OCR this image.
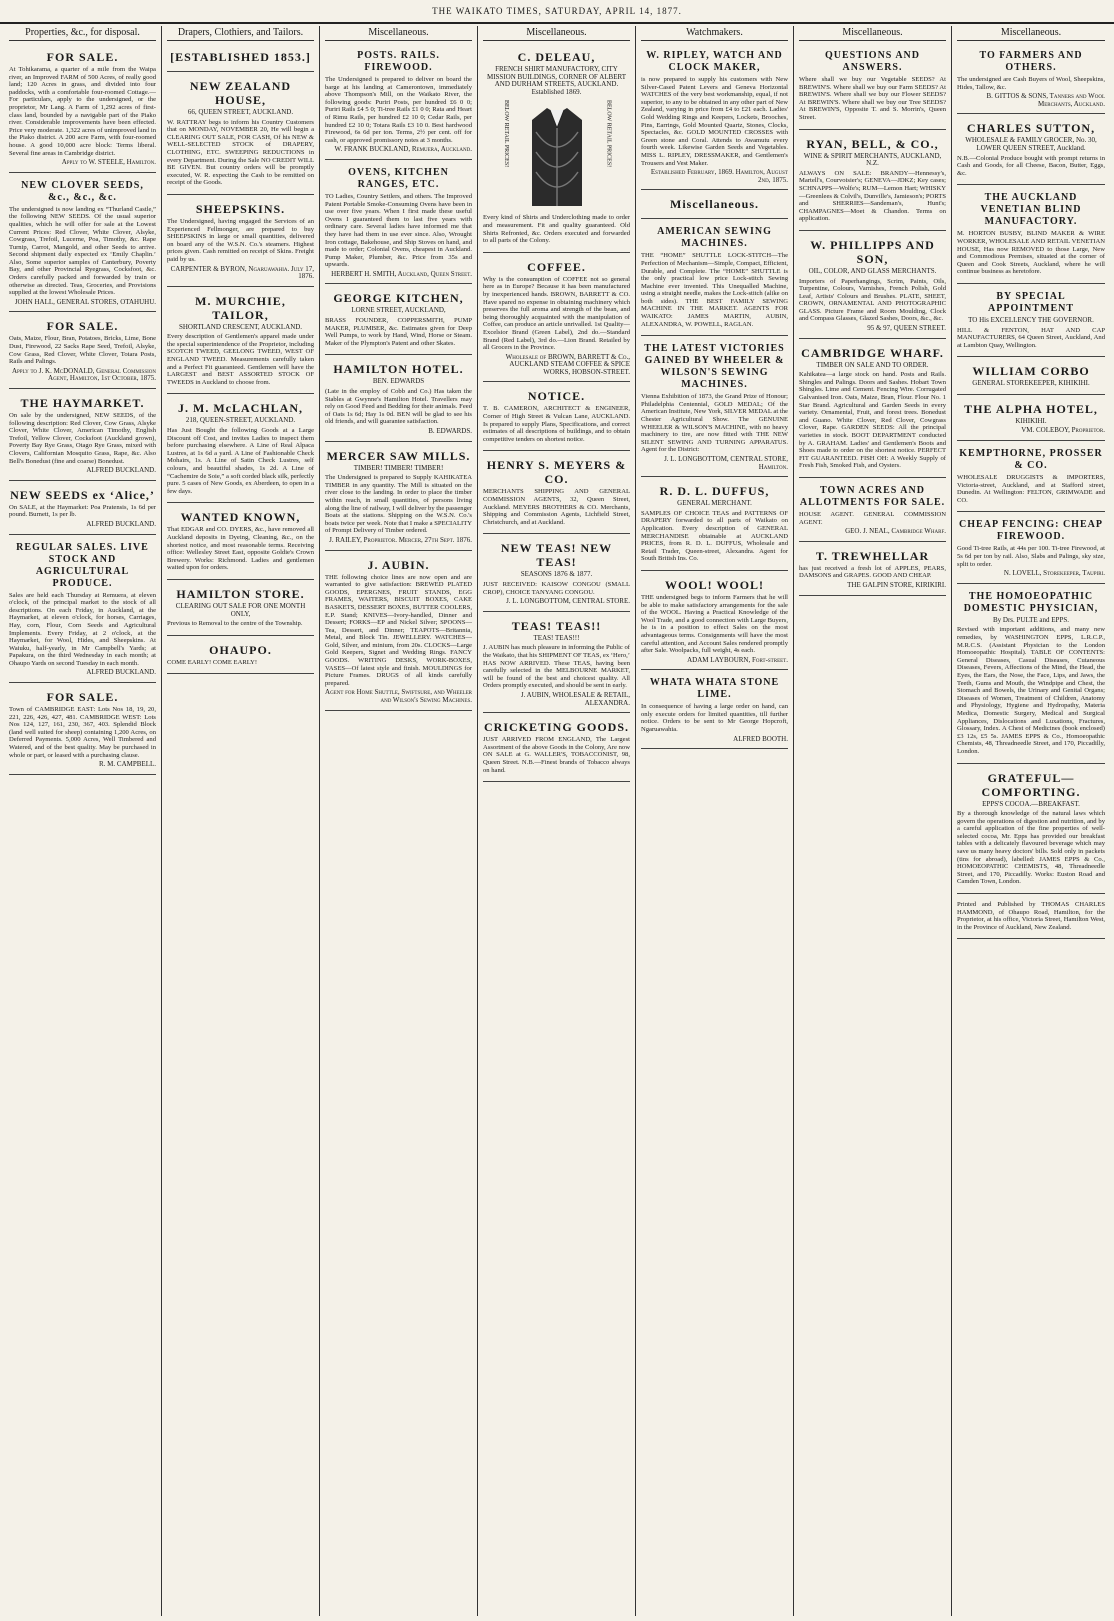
THE WAIKATO TIMES, SATURDAY, APRIL 14, 1877.
Properties, &c., for disposal.
FOR SALE.
At Tohikarama, a quarter of a mile from the Waipa river, an Improved FARM of 500 Acres, of really good land; 120 Acres in grass, and divided into four paddocks, with a comfortable four-roomed Cottage.—For particulars, apply to the undersigned, or the proprietor, Mr Lang. A Farm of 1,292 acres of first-class land, bounded by a navigable part of the Piako river. Considerable improvements have been effected. Price very moderate. 1,322 acres of unimproved land in the Piako district. A 200 acre Farm, with four-roomed house. A good 10,000 acre block: Terms liberal. Several fine areas in Cambridge district.
Apply to W. STEELE, Hamilton.
NEW CLOVER SEEDS, &c., &c., &c.
The undersigned is now landing ex “Thurland Castle,” the following NEW SEEDS. Of the usual superior qualities, which he will offer for sale at the Lowest Current Prices: Red Clover, White Clover, Alsyke, Cowgrass, Trefoil, Lucerne, Poa, Timothy, &c. Rape Turnip, Carrot, Mangold, and other Seeds to arrive. Second shipment daily expected ex ‘Emily Chaplin.’ Also, Some superior samples of Canterbury, Poverty Bay, and other Provincial Ryegrass, Cocksfoot, &c. Orders carefully packed and forwarded by train or otherwise as directed. Teas, Groceries, and Provisions supplied at the lowest Wholesale Prices.
JOHN HALL, GENERAL STORES, OTAHUHU.
FOR SALE.
Oats, Maize, Flour, Bran, Potatoes, Bricks, Lime, Bone Dust, Firewood, 22 Sacks Rape Seed, Trefoil, Alsyke, Cow Grass, Red Clover, White Clover, Totara Posts, Rails and Palings.
Apply to J. K. McDONALD, General Commission Agent, Hamilton, 1st October, 1875.
THE HAYMARKET.
On sale by the undersigned, NEW SEEDS, of the following description: Red Clover, Cow Grass, Alsyke Clover, White Clover, American Timothy, English Trefoil, Yellow Clover, Cocksfoot (Auckland grown), Poverty Bay Rye Grass, Otago Rye Grass, mixed with Clovers, Californian Mosquito Grass, Rape, &c. Also Bell's Bonedust (fine and coarse) Bonedust.
ALFRED BUCKLAND.
NEW SEEDS ex ‘Alice,’
On SALE, at the Haymarket: Poa Pratensis, 1s 6d per pound. Burnett, 1s per lb.
ALFRED BUCKLAND.
REGULAR SALES. LIVE STOCK AND AGRICULTURAL PRODUCE.
Sales are held each Thursday at Remuera, at eleven o'clock, of the principal market to the stock of all descriptions. On each Friday, in Auckland, at the Haymarket, at eleven o'clock, for horses, Carriages, Hay, corn, Flour, Corn Seeds and Agricultural Implements. Every Friday, at 2 o'clock, at the Haymarket, for Wool, Hides, and Sheepskins. At Waiuku, half-yearly, in Mr Campbell's Yards; at Papakura, on the third Wednesday in each month; at Ohaupo Yards on second Tuesday in each month.
ALFRED BUCKLAND.
FOR SALE.
Town of CAMBRIDGE EAST: Lots Nos 18, 19, 20, 221, 226, 426, 427, 481. CAMBRIDGE WEST: Lots Nos 124, 127, 161, 230, 367, 403. Splendid Block (land well suited for sheep) containing 1,200 Acres, on Deferred Payments. 5,000 Acres, Well Timbered and Watered, and of the best quality. May be purchased in whole or part, or leased with a purchasing clause.
R. M. CAMPBELL.
Drapers, Clothiers, and Tailors.
[ESTABLISHED 1853.]
NEW ZEALAND HOUSE,
66, QUEEN STREET, AUCKLAND.
W. RATTRAY begs to inform his Country Customers that on MONDAY, NOVEMBER 20, He will begin a CLEARING OUT SALE, FOR CASH, Of his NEW & WELL-SELECTED STOCK of DRAPERY, CLOTHING, ETC. SWEEPING REDUCTIONS in every Department. During the Sale NO CREDIT WILL BE GIVEN. But country orders will be promptly executed, W. R. expecting the Cash to be remitted on receipt of the Goods.
SHEEPSKINS.
The Undersigned, having engaged the Services of an Experienced Fellmonger, are prepared to buy SHEEPSKINS in large or small quantities, delivered on board any of the W.S.N. Co.'s steamers. Highest prices given. Cash remitted on receipt of Skins. Freight paid by us.
CARPENTER & BYRON, Ngaruawahia. July 17, 1876.
M. MURCHIE, TAILOR,
SHORTLAND CRESCENT, AUCKLAND.
Every description of Gentlemen's apparel made under the special superintendence of the Proprietor, including SCOTCH TWEED, GEELONG TWEED, WEST OF ENGLAND TWEED. Measurements carefully taken and a Perfect Fit guaranteed. Gentlemen will have the LARGEST and BEST ASSORTED STOCK OF TWEEDS in Auckland to choose from.
J. M. McLACHLAN,
218, QUEEN-STREET, AUCKLAND.
Has Just Bought the following Goods at a Large Discount off Cost, and invites Ladies to inspect them before purchasing elsewhere. A Line of Real Alpaca Lustres, at 1s 6d a yard. A Line of Fashionable Check Mohairs, 1s. A Line of Satin Check Lustres, self colours, and beautiful shades, 1s 2d. A Line of “Cachemire de Soie,” a soft corded black silk, perfectly pure. 5 cases of New Goods, ex Aberdeen, to open in a few days.
WANTED KNOWN,
That EDGAR and CO. DYERS, &c., have removed all Auckland deposits in Dyeing, Cleaning, &c., on the shortest notice, and most reasonable terms. Receiving office: Wellesley Street East, opposite Goldie's Crown Brewery. Works: Richmond. Ladies and gentlemen waited upon for orders.
HAMILTON STORE.
CLEARING OUT SALE FOR ONE MONTH ONLY,
Previous to Removal to the centre of the Township.
OHAUPO.
COME EARLY! COME EARLY!
Miscellaneous.
POSTS. RAILS. FIREWOOD.
The Undersigned is prepared to deliver on board the barge at his landing at Camerontown, immediately above Thompson's Mill, on the Waikato River, the following goods: Puriri Posts, per hundred £6 0 0; Puriri Rails £4 5 0; Ti-tree Rails £1 0 0; Rata and Heart of Rimu Rails, per hundred £2 10 0; Cedar Rails, per hundred £2 10 0; Totara Rails £3 10 0. Best hardwood Firewood, 6s 6d per ton. Terms, 2½ per cent. off for cash, or approved promissory notes at 3 months.
W. FRANK BUCKLAND, Remuera, Auckland.
OVENS, KITCHEN RANGES, ETC.
TO Ladies, Country Settlers, and others. The Improved Patent Portable Smoke-Consuming Ovens have been in use over five years. When I first made these useful Ovens I guaranteed them to last five years with ordinary care. Several ladies have informed me that they have had them in use ever since. Also, Wrought Iron cottage, Bakehouse, and Ship Stoves on hand, and made to order; Colonial Ovens, cheapest in Auckland. Pump Maker, Plumber, &c. Price from 35s and upwards.
HERBERT H. SMITH, Auckland, Queen Street.
GEORGE KITCHEN,
LORNE STREET, AUCKLAND,
BRASS FOUNDER, COPPERSMITH, PUMP MAKER, PLUMBER, &c. Estimates given for Deep Well Pumps, to work by Hand, Wind, Horse or Steam. Maker of the Plympton's Patent and other Skates.
HAMILTON HOTEL.
BEN. EDWARDS
(Late in the employ of Cobb and Co.) Has taken the Stables at Gwynne's Hamilton Hotel. Travellers may rely on Good Feed and Bedding for their animals. Feed of Oats 1s 6d; Hay 1s 0d. BEN will be glad to see his old friends, and will guarantee satisfaction.
B. EDWARDS.
MERCER SAW MILLS.
TIMBER! TIMBER! TIMBER!
The Undersigned is prepared to Supply KAHIKATEA TIMBER in any quantity. The Mill is situated on the river close to the landing. In order to place the timber within reach, in small quantities, of persons living along the line of railway, I will deliver by the passenger Boats at the stations. Shipping on the W.S.N. Co.'s boats twice per week. Note that I make a SPECIALITY of Prompt Delivery of Timber ordered.
J. RAILEY, Proprietor. Mercer, 27th Sept. 1876.
J. AUBIN.
THE following choice lines are now open and are warranted to give satisfaction: BREWED PLATED GOODS, EPERGNES, FRUIT STANDS, EGG FRAMES, WAITERS, BISCUIT BOXES, CAKE BASKETS, DESSERT BOXES, BUTTER COOLERS, E.P. Stand; KNIVES—Ivory-handled, Dinner and Dessert; FORKS—EP and Nickel Silver; SPOONS—Tea, Dessert, and Dinner; TEAPOTS—Britannia, Metal, and Block Tin. JEWELLERY. WATCHES—Gold, Silver, and minium, from 20s. CLOCKS—Large Gold Keepers, Signet and Wedding Rings. FANCY GOODS. WRITING DESKS, WORK-BOXES, VASES—Of latest style and finish. MOULDINGS for Picture Frames. DRUGS of all kinds carefully prepared.
Agent for Home Shuttle, Swiftsure, and Wheeler and Wilson's Sewing Machines.
Miscellaneous.
C. DELEAU,
FRENCH SHIRT MANUFACTORY, CITY MISSION BUILDINGS, CORNER OF ALBERT AND DURHAM STREETS, AUCKLAND. Established 1869.
BELOW RETAIL PRICES!	BELOW RETAIL PRICES!
Every kind of Shirts and Underclothing made to order and measurement. Fit and quality guaranteed. Old Shirts Refronted, &c. Orders executed and forwarded to all parts of the Colony.
COFFEE.
Why is the consumption of COFFEE not so general here as in Europe? Because it has been manufactured by inexperienced hands. BROWN, BARRETT & CO. Have spared no expense in obtaining machinery which preserves the full aroma and strength of the bean, and being thoroughly acquainted with the manipulation of Coffee, can produce an article unrivalled. 1st Quality—Excelsior Brand (Green Label), 2nd do.—Standard Brand (Red Label), 3rd do.—Lion Brand. Retailed by all Grocers in the Province.
Wholesale of BROWN, BARRETT & Co., AUCKLAND STEAM COFFEE & SPICE WORKS, HOBSON-STREET.
NOTICE.
T. B. CAMERON, ARCHITECT & ENGINEER, Corner of High Street & Vulcan Lane, AUCKLAND. Is prepared to supply Plans, Specifications, and correct estimates of all descriptions of buildings, and to obtain competitive tenders on shortest notice.
HENRY S. MEYERS & CO.
MERCHANTS SHIPPING AND GENERAL COMMISSION AGENTS, 32, Queen Street, Auckland. MEYERS BROTHERS & CO. Merchants, Shipping and Commission Agents, Lichfield Street, Christchurch, and at Auckland.
NEW TEAS! NEW TEAS!
SEASONS 1876 & 1877.
JUST RECEIVED: KAISOW CONGOU (SMALL CROP), CHOICE TANYANG CONGOU.
J. L. LONGBOTTOM, CENTRAL STORE.
TEAS! TEAS!!
TEAS! TEAS!!!
J. AUBIN has much pleasure in informing the Public of the Waikato, that his SHIPMENT OF TEAS, ex ‘Hero,’ HAS NOW ARRIVED. These TEAS, having been carefully selected in the MELBOURNE MARKET, will be found of the best and choicest quality. All Orders promptly executed, and should be sent in early.
J. AUBIN, WHOLESALE & RETAIL, ALEXANDRA.
CRICKETING GOODS.
JUST ARRIVED FROM ENGLAND, The Largest Assortment of the above Goods in the Colony, Are now ON SALE at G. WALLER'S, TOBACCONIST, 98, Queen Street. N.B.—Finest brands of Tobacco always on hand.
Watchmakers.
W. RIPLEY, WATCH AND CLOCK MAKER,
is now prepared to supply his customers with New Silver-Cased Patent Levers and Geneva Horizontal WATCHES of the very best workmanship, equal, if not superior, to any to be obtained in any other part of New Zealand, varying in price from £4 to £21 each. Ladies' Gold Wedding Rings and Keepers, Lockets, Brooches, Pins, Earrings, Gold Mounted Quartz, Stones, Clocks, Spectacles, &c. GOLD MOUNTED CROSSES with Green stone and Coral. Attends to Awamutu every fourth week. Likewise Garden Seeds and Vegetables. MISS L. RIPLEY, DRESSMAKER, and Gentlemen's Trousers and Vest Maker.
Established February, 1869. Hamilton, August 2nd, 1875.
Miscellaneous.
AMERICAN SEWING MACHINES.
THE “HOME” SHUTTLE LOCK-STITCH—The Perfection of Mechanism—Simple, Compact, Efficient, Durable, and Complete. The “HOME” SHUTTLE is the only practical low price Lock-stitch Sewing Machine ever invented. This Unequalled Machine, using a straight needle, makes the Lock-stitch (alike on both sides). THE BEST FAMILY SEWING MACHINE IN THE MARKET. AGENTS FOR WAIKATO: JAMES MARTIN, AUBIN, ALEXANDRA, W. POWELL, RAGLAN.
THE LATEST VICTORIES GAINED BY WHEELER & WILSON'S SEWING MACHINES.
Vienna Exhibition of 1873, the Grand Prize of Honour; Philadelphia Centennial, GOLD MEDAL; Of the American Institute, New York, SILVER MEDAL at the Chester Agricultural Show. The GENUINE WHEELER & WILSON'S MACHINE, with no heavy machinery to tire, are now fitted with THE NEW SILENT SEWING AND TURNING APPARATUS. Agent for the District:
J. L. LONGBOTTOM, CENTRAL STORE, Hamilton.
R. D. L. DUFFUS,
GENERAL MERCHANT.
SAMPLES OF CHOICE TEAS and PATTERNS OF DRAPERY forwarded to all parts of Waikato on Application. Every description of GENERAL MERCHANDISE obtainable at AUCKLAND PRICES, from R. D. L. DUFFUS, Wholesale and Retail Trader, Queen-street, Alexandra. Agent for South British Ins. Co.
WOOL! WOOL!
THE undersigned begs to inform Farmers that he will be able to make satisfactory arrangements for the sale of the WOOL. Having a Practical Knowledge of the Wool Trade, and a good connection with Large Buyers, he is in a position to effect Sales on the most advantageous terms. Consignments will have the most careful attention, and Account Sales rendered promptly after Sale. Woolpacks, full weight, 4s each.
ADAM LAYBOURN, Fort-street.
WHATA WHATA STONE LIME.
In consequence of having a large order on hand, can only execute orders for limited quantities, till further notice. Orders to be sent to Mr George Hopcroft, Ngaruawahia.
ALFRED BOOTH.
Miscellaneous.
QUESTIONS AND ANSWERS.
Where shall we buy our Vegetable SEEDS? At BREWIN'S. Where shall we buy our Farm SEEDS? At BREWIN'S. Where shall we buy our Flower SEEDS? At BREWIN'S. Where shall we buy our Tree SEEDS? At BREWIN'S, Opposite T. and S. Morrin's, Queen Street.
RYAN, BELL, & CO.,
WINE & SPIRIT MERCHANTS, AUCKLAND, N.Z.
ALWAYS ON SALE: BRANDY—Hennessy's, Martell's, Courvoisier's; GENEVA—JDKZ; Key cases; SCHNAPPS—Wolfe's; RUM—Lemon Hart; WHISKY—Greenlees & Colvil's, Dunville's, Jamieson's; PORTS and SHERRIES—Sandeman's, Hunt's; CHAMPAGNES—Moet & Chandon. Terms on application.
W. PHILLIPPS AND SON,
OIL, COLOR, AND GLASS MERCHANTS.
Importers of Paperhangings, Scrim, Paints, Oils, Turpentine, Colours, Varnishes, French Polish, Gold Leaf, Artists' Colours and Brushes. PLATE, SHEET, CROWN, ORNAMENTAL AND PHOTOGRAPHIC GLASS. Picture Frame and Room Moulding, Clock and Compass Glasses, Glazed Sashes, Doors, &c., &c.
95 & 97, QUEEN STREET.
CAMBRIDGE WHARF.
TIMBER ON SALE AND TO ORDER.
Kahikatea—a large stock on hand. Posts and Rails. Shingles and Palings. Doors and Sashes. Hobart Town Shingles. Lime and Cement. Fencing Wire. Corrugated Galvanised Iron. Oats, Maize, Bran, Flour. Flour No. 1 Star Brand. Agricultural and Garden Seeds in every variety. Ornamental, Fruit, and forest trees. Bonedust and Guano. White Clover, Red Clover, Cowgrass Clover, Rape. GARDEN SEEDS: All the principal varieties in stock. BOOT DEPARTMENT conducted by A. GRAHAM. Ladies' and Gentlemen's Boots and Shoes made to order on the shortest notice. PERFECT FIT GUARANTEED. FISH OH: A Weekly Supply of Fresh Fish, Smoked Fish, and Oysters.
TOWN ACRES AND ALLOTMENTS FOR SALE.
HOUSE AGENT. GENERAL COMMISSION AGENT.
GEO. J. NEAL, Cambridge Wharf.
T. TREWHELLAR
has just received a fresh lot of APPLES, PEARS, DAMSONS and GRAPES. GOOD AND CHEAP.
THE GALPIN STORE, KIRIKIRI.
Miscellaneous.
TO FARMERS AND OTHERS.
The undersigned are Cash Buyers of Wool, Sheepskins, Hides, Tallow, &c.
B. GITTOS & SONS, Tanners and Wool Merchants, Auckland.
CHARLES SUTTON,
WHOLESALE & FAMILY GROCER, No. 30, LOWER QUEEN STREET, Auckland.
N.B.—Colonial Produce bought with prompt returns in Cash and Goods, for all Cheese, Bacon, Butter, Eggs, &c.
THE AUCKLAND VENETIAN BLIND MANUFACTORY.
M. HORTON BUSBY, BLIND MAKER & WIRE WORKER, WHOLESALE AND RETAIL VENETIAN HOUSE, Has now REMOVED to those Large, New and Commodious Premises, situated at the corner of Queen and Cook Streets, Auckland, where he will continue business as heretofore.
BY SPECIAL APPOINTMENT
TO His EXCELLENCY THE GOVERNOR.
HILL & FENTON, HAT AND CAP MANUFACTURERS, 64 Queen Street, Auckland, And at Lambton Quay, Wellington.
WILLIAM CORBO
GENERAL STOREKEEPER, KIHIKIHI.
THE ALPHA HOTEL,
KIHIKIHI.
VM. COLEBOY, Proprietor.
KEMPTHORNE, PROSSER & CO.
WHOLESALE DRUGGISTS & IMPORTERS, Victoria-street, Auckland, and at Stafford street, Dunedin. At Wellington: FELTON, GRIMWADE and CO.
CHEAP FENCING: CHEAP FIREWOOD.
Good Ti-tree Rails, at 44s per 100. Ti-tree Firewood, at 5s 6d per ton by rail. Also, Slabs and Palings, sky size, split to order.
N. LOVELL, Storekeeper, Taupiri.
THE HOMOEOPATHIC DOMESTIC PHYSICIAN,
By Drs. PULTE and EPPS.
Revised with important additions, and many new remedies, by WASHINGTON EPPS, L.R.C.P., M.R.C.S. (Assistant Physician to the London Homoeopathic Hospital). TABLE OF CONTENTS: General Diseases, Casual Diseases, Cutaneous Diseases, Fevers, Affections of the Mind, the Head, the Eyes, the Ears, the Nose, the Face, Lips, and Jaws, the Teeth, Gums and Mouth, the Windpipe and Chest, the Stomach and Bowels, the Urinary and Genital Organs; Diseases of Women, Treatment of Children, Anatomy and Physiology, Hygiene and Hydropathy, Materia Medica, Domestic Surgery, Medical and Surgical Appliances, Dislocations and Luxations, Fractures, Glossary, Index. A Chest of Medicines (book enclosed) £3 12s, £5 5s. JAMES EPPS & Co., Homoeopathic Chemists, 48, Threadneedle Street, and 170, Piccadilly, London.
GRATEFUL—COMFORTING.
EPPS'S COCOA.—BREAKFAST.
By a thorough knowledge of the natural laws which govern the operations of digestion and nutrition, and by a careful application of the fine properties of well-selected cocoa, Mr. Epps has provided our breakfast tables with a delicately flavoured beverage which may save us many heavy doctors' bills. Sold only in packets (tins for abroad), labelled: JAMES EPPS & Co., HOMOEOPATHIC CHEMISTS, 48, Threadneedle Street, and 170, Piccadilly. Works: Euston Road and Camden Town, London.
Printed and Published by THOMAS CHARLES HAMMOND, of Ohaupo Road, Hamilton, for the Proprietor, at his office, Victoria Street, Hamilton West, in the Province of Auckland, New Zealand.
